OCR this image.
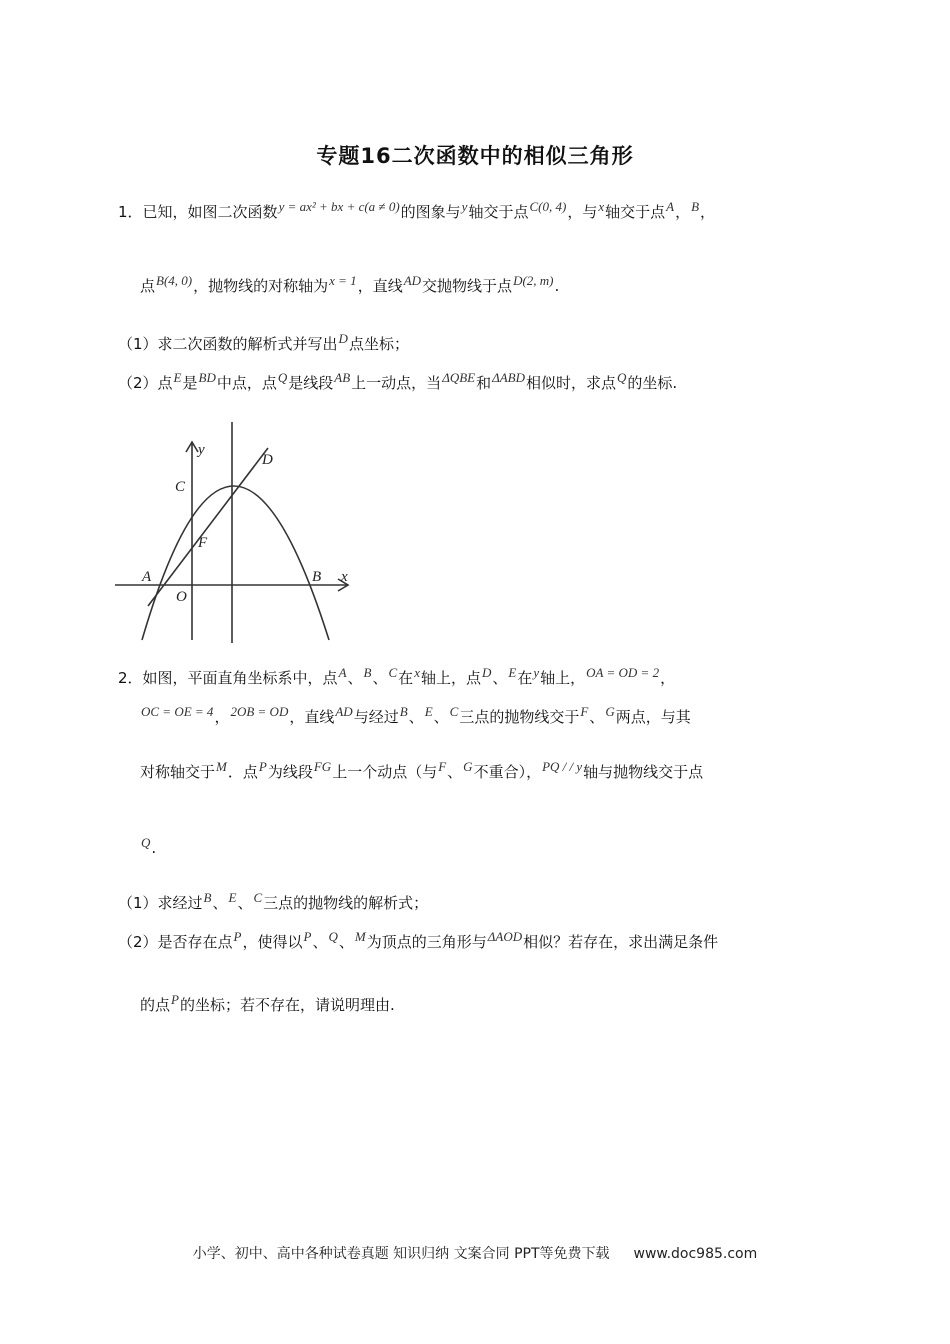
专题16二次函数中的相似三角形
1．已知，如图二次函数y = ax² + bx + c(a ≠ 0)的图象与y轴交于点C(0, 4)，与x轴交于点A，B，
点B(4, 0)，抛物线的对称轴为x = 1，直线AD交抛物线于点D(2, m).
（1）求二次函数的解析式并写出D点坐标；
（2）点E是BD中点，点Q是线段AB上一动点，当ΔQBE和ΔABD相似时，求点Q的坐标.
y
x
C
D
F
A
O
B
2．如图，平面直角坐标系中，点A、B、C在x轴上，点D、E在y轴上，OA = OD = 2，
OC = OE = 4，2OB = OD，直线AD与经过B、E、C三点的抛物线交于F、G两点，与其
对称轴交于M．点P为线段FG上一个动点（与F、G不重合），PQ / / y轴与抛物线交于点
Q.
（1）求经过B、E、C三点的抛物线的解析式；
（2）是否存在点P，使得以P、Q、M为顶点的三角形与ΔAOD相似？若存在，求出满足条件
的点P的坐标；若不存在，请说明理由.
小学、初中、高中各种试卷真题 知识归纳 文案合同 PPT等免费下载 www.doc985.com
